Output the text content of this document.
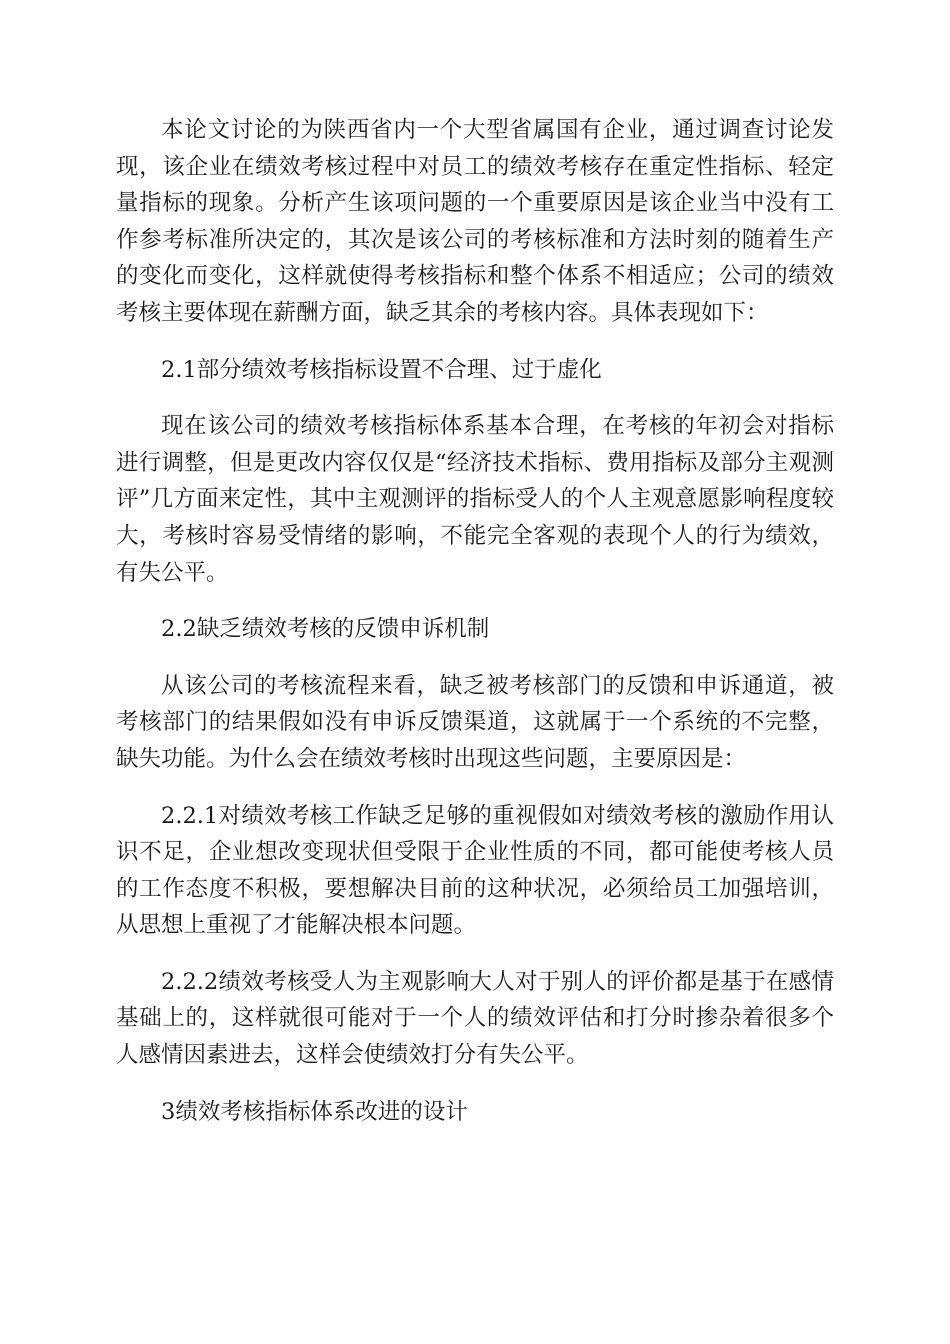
本论文讨论的为陕西省内一个大型省属国有企业，通过调查讨论发现，该企业在绩效考核过程中对员工的绩效考核存在重定性指标、轻定量指标的现象。分析产生该项问题的一个重要原因是该企业当中没有工作参考标准所决定的，其次是该公司的考核标准和方法时刻的随着生产的变化而变化，这样就使得考核指标和整个体系不相适应；公司的绩效考核主要体现在薪酬方面，缺乏其余的考核内容。具体表现如下：

2.1部分绩效考核指标设置不合理、过于虚化

现在该公司的绩效考核指标体系基本合理，在考核的年初会对指标进行调整，但是更改内容仅仅是“经济技术指标、费用指标及部分主观测评”几方面来定性，其中主观测评的指标受人的个人主观意愿影响程度较大，考核时容易受情绪的影响，不能完全客观的表现个人的行为绩效，有失公平。

2.2缺乏绩效考核的反馈申诉机制

从该公司的考核流程来看，缺乏被考核部门的反馈和申诉通道，被考核部门的结果假如没有申诉反馈渠道，这就属于一个系统的不完整，缺失功能。为什么会在绩效考核时出现这些问题，主要原因是：

2.2.1对绩效考核工作缺乏足够的重视假如对绩效考核的激励作用认识不足，企业想改变现状但受限于企业性质的不同，都可能使考核人员的工作态度不积极，要想解决目前的这种状况，必须给员工加强培训，从思想上重视了才能解决根本问题。

2.2.2绩效考核受人为主观影响大人对于别人的评价都是基于在感情基础上的，这样就很可能对于一个人的绩效评估和打分时掺杂着很多个人感情因素进去，这样会使绩效打分有失公平。

3绩效考核指标体系改进的设计
